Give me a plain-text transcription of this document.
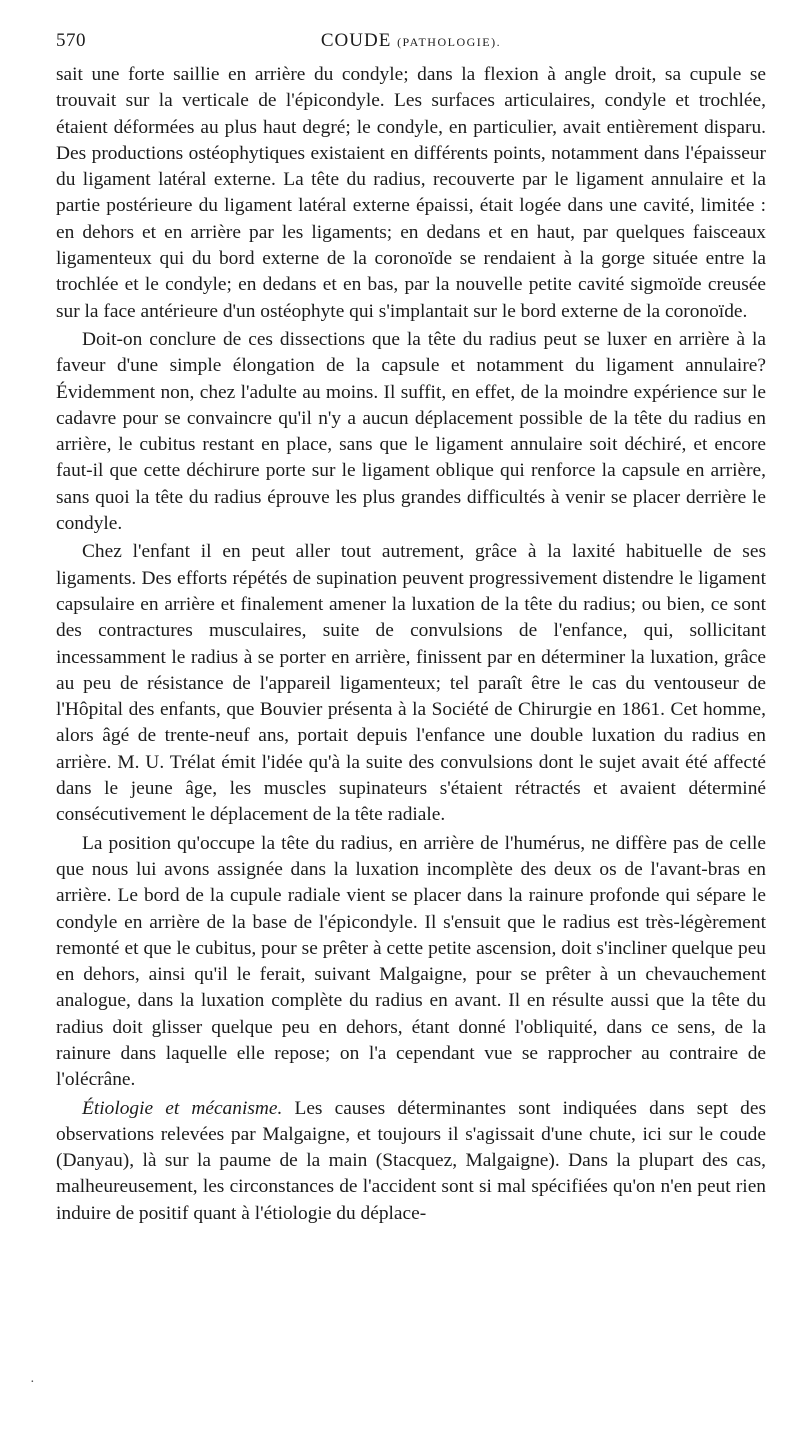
570	COUDE (PATHOLOGIE).

sait une forte saillie en arrière du condyle; dans la flexion à angle droit, sa cupule se trouvait sur la verticale de l'épicondyle. Les surfaces articulaires, condyle et trochlée, étaient déformées au plus haut degré; le condyle, en particulier, avait entièrement disparu. Des productions ostéophytiques existaient en différents points, notamment dans l'épaisseur du ligament latéral externe. La tête du radius, recouverte par le ligament annulaire et la partie postérieure du ligament latéral externe épaissi, était logée dans une cavité, limitée : en dehors et en arrière par les ligaments; en dedans et en haut, par quelques faisceaux ligamenteux qui du bord externe de la coronoïde se rendaient à la gorge située entre la trochlée et le condyle; en dedans et en bas, par la nouvelle petite cavité sigmoïde creusée sur la face antérieure d'un ostéophyte qui s'implantait sur le bord externe de la coronoïde.

Doit-on conclure de ces dissections que la tête du radius peut se luxer en arrière à la faveur d'une simple élongation de la capsule et notamment du ligament annulaire? Évidemment non, chez l'adulte au moins. Il suffit, en effet, de la moindre expérience sur le cadavre pour se convaincre qu'il n'y a aucun déplacement possible de la tête du radius en arrière, le cubitus restant en place, sans que le ligament annulaire soit déchiré, et encore faut-il que cette déchirure porte sur le ligament oblique qui renforce la capsule en arrière, sans quoi la tête du radius éprouve les plus grandes difficultés à venir se placer derrière le condyle.

Chez l'enfant il en peut aller tout autrement, grâce à la laxité habituelle de ses ligaments. Des efforts répétés de supination peuvent progressivement distendre le ligament capsulaire en arrière et finalement amener la luxation de la tête du radius; ou bien, ce sont des contractures musculaires, suite de convulsions de l'enfance, qui, sollicitant incessamment le radius à se porter en arrière, finissent par en déterminer la luxation, grâce au peu de résistance de l'appareil ligamenteux; tel paraît être le cas du ventouseur de l'Hôpital des enfants, que Bouvier présenta à la Société de Chirurgie en 1861. Cet homme, alors âgé de trente-neuf ans, portait depuis l'enfance une double luxation du radius en arrière. M. U. Trélat émit l'idée qu'à la suite des convulsions dont le sujet avait été affecté dans le jeune âge, les muscles supinateurs s'étaient rétractés et avaient déterminé consécutivement le déplacement de la tête radiale.

La position qu'occupe la tête du radius, en arrière de l'humérus, ne diffère pas de celle que nous lui avons assignée dans la luxation incomplète des deux os de l'avant-bras en arrière. Le bord de la cupule radiale vient se placer dans la rainure profonde qui sépare le condyle en arrière de la base de l'épicondyle. Il s'ensuit que le radius est très-légèrement remonté et que le cubitus, pour se prêter à cette petite ascension, doit s'incliner quelque peu en dehors, ainsi qu'il le ferait, suivant Malgaigne, pour se prêter à un chevauchement analogue, dans la luxation complète du radius en avant. Il en résulte aussi que la tête du radius doit glisser quelque peu en dehors, étant donné l'obliquité, dans ce sens, de la rainure dans laquelle elle repose; on l'a cependant vue se rapprocher au contraire de l'olécrâne.

Étiologie et mécanisme. Les causes déterminantes sont indiquées dans sept des observations relevées par Malgaigne, et toujours il s'agissait d'une chute, ici sur le coude (Danyau), là sur la paume de la main (Stacquez, Malgaigne). Dans la plupart des cas, malheureusement, les circonstances de l'accident sont si mal spécifiées qu'on n'en peut rien induire de positif quant à l'étiologie du déplace-

·
